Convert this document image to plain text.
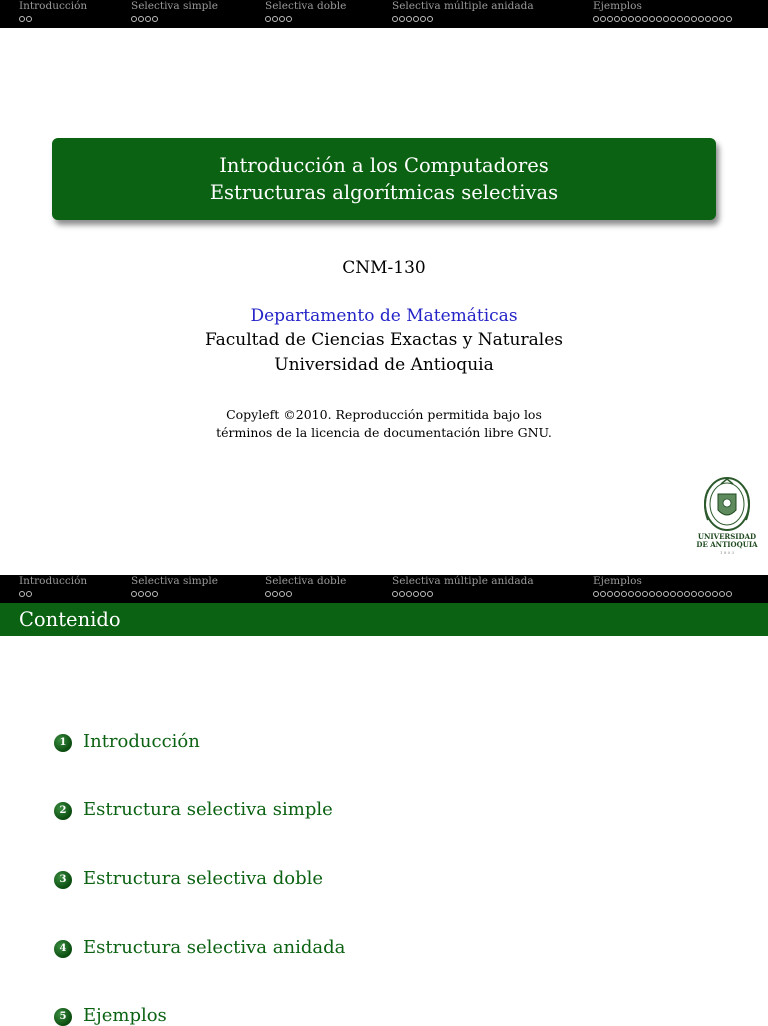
Introducción	Selectiva simple	Selectiva doble	Selectiva múltiple anidada	Ejemplos
Introducción a los Computadores
Estructuras algorítmicas selectivas
CNM-130
Departamento de Matemáticas
Facultad de Ciencias Exactas y Naturales
Universidad de Antioquia
Copyleft ©2010. Reproducción permitida bajo los
términos de la licencia de documentación libre GNU.
UNIVERSIDAD
DE ANTIOQUIA
1 8 0 3
Introducción	Selectiva simple	Selectiva doble	Selectiva múltiple anidada	Ejemplos
Contenido
1 Introducción
2 Estructura selectiva simple
3 Estructura selectiva doble
4 Estructura selectiva anidada
5 Ejemplos
